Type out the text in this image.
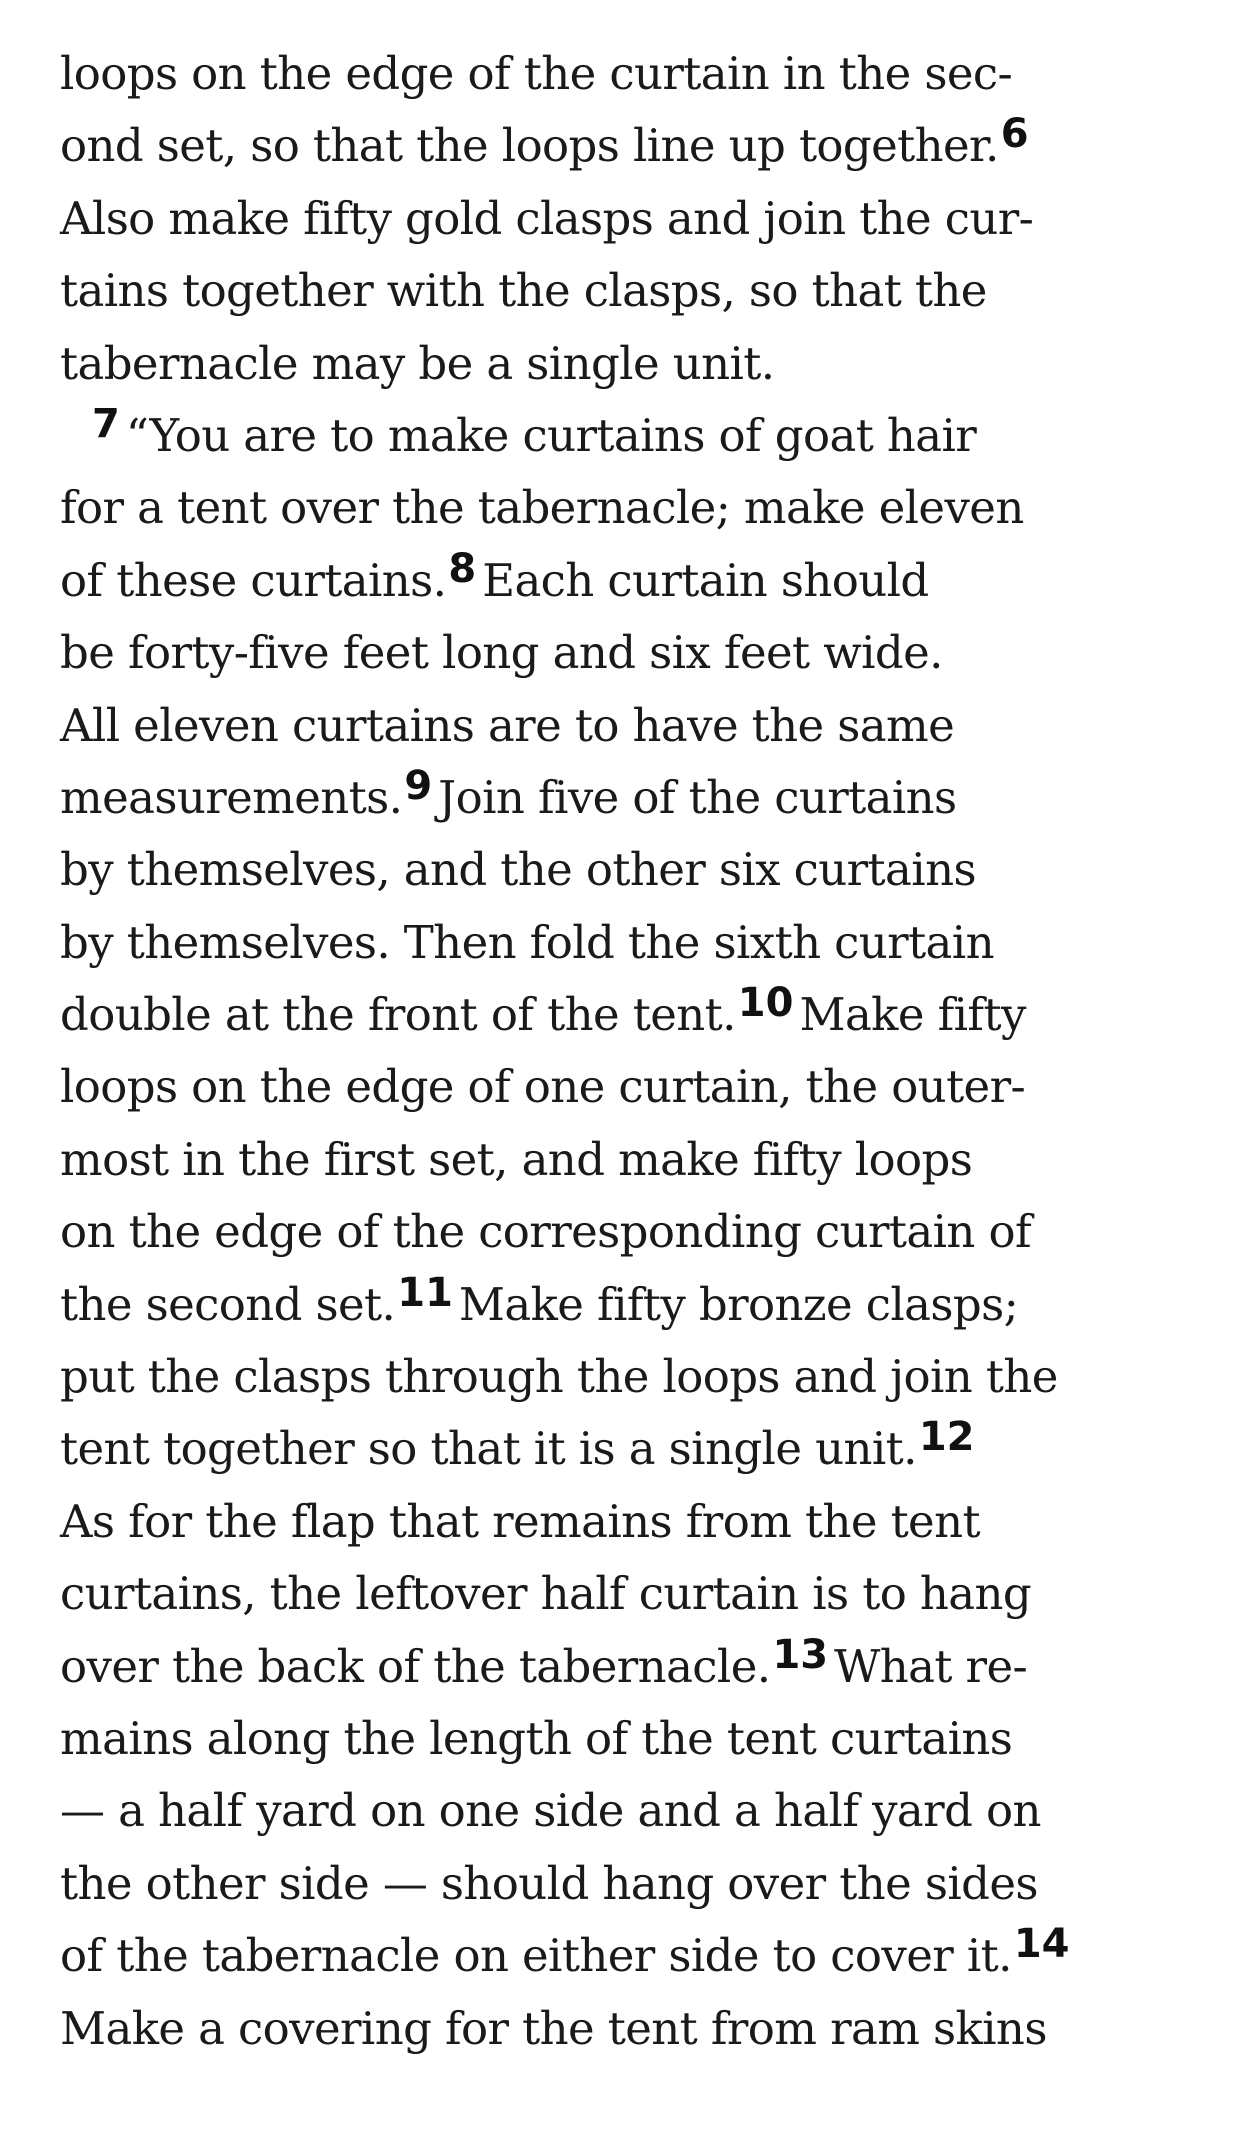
loops on the edge of the curtain in the sec-
ond set, so that the loops line up together.6
Also make fifty gold clasps and join the cur-
tains together with the clasps, so that the
tabernacle may be a single unit.
7 “You are to make curtains of goat hair
for a tent over the tabernacle; make eleven
of these curtains.8 Each curtain should
be forty-five feet long and six feet wide.
All eleven curtains are to have the same
measurements.9 Join five of the curtains
by themselves, and the other six curtains
by themselves. Then fold the sixth curtain
double at the front of the tent.10 Make fifty
loops on the edge of one curtain, the outer-
most in the first set, and make fifty loops
on the edge of the corresponding curtain of
the second set.11 Make fifty bronze clasps;
put the clasps through the loops and join the
tent together so that it is a single unit.12
As for the flap that remains from the tent
curtains, the leftover half curtain is to hang
over the back of the tabernacle.13 What re-
mains along the length of the tent curtains
— a half yard on one side and a half yard on
the other side — should hang over the sides
of the tabernacle on either side to cover it.14
Make a covering for the tent from ram skins
